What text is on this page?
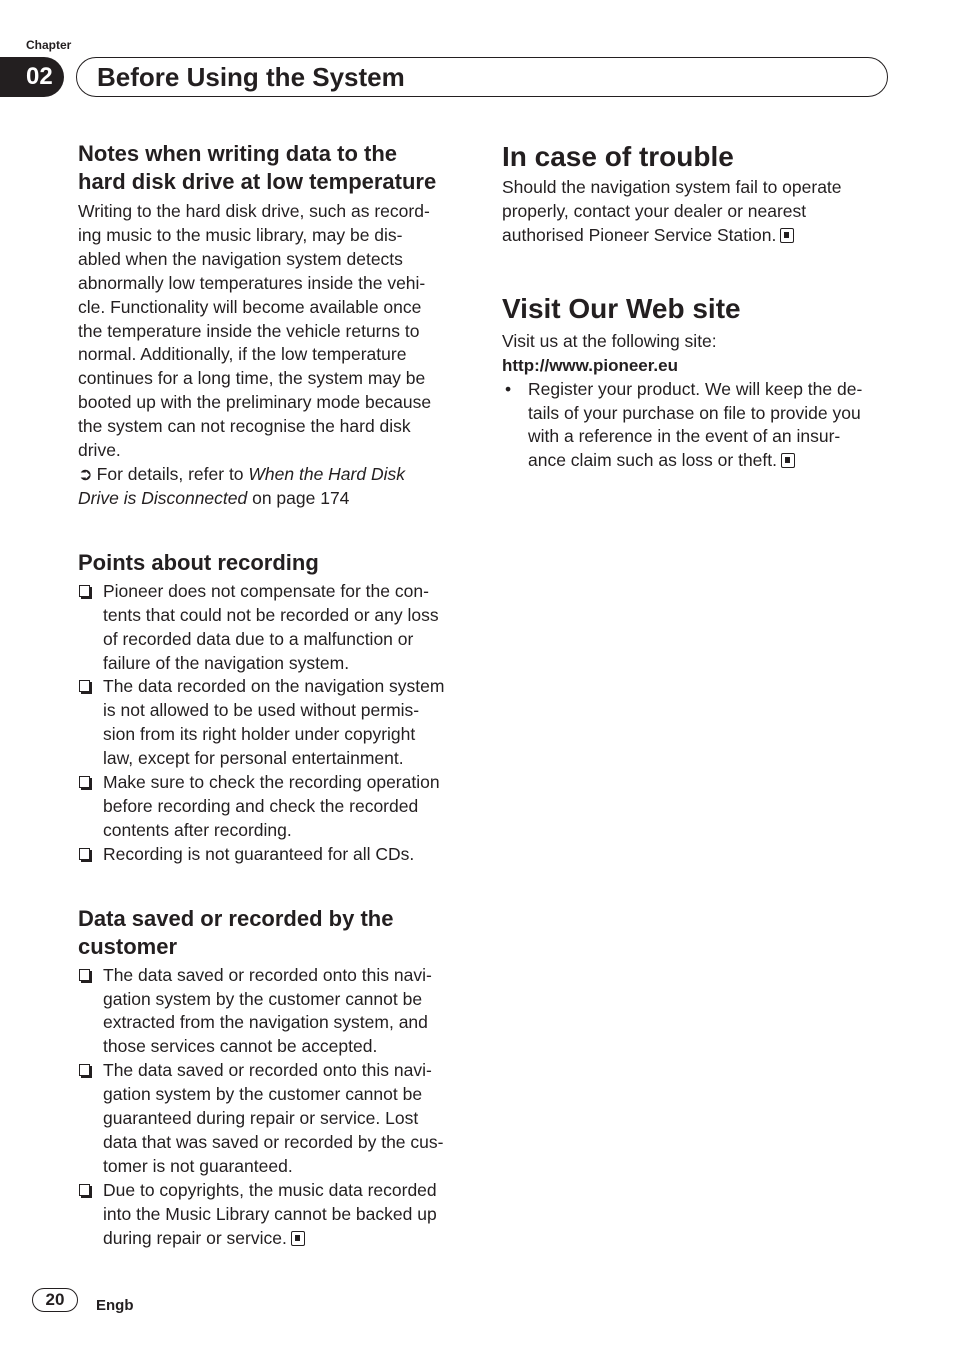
Chapter
02	Before Using the System
Notes when writing data to the
hard disk drive at low temperature
Writing to the hard disk drive, such as record-
ing music to the music library, may be dis-
abled when the navigation system detects
abnormally low temperatures inside the vehi-
cle. Functionality will become available once
the temperature inside the vehicle returns to
normal. Additionally, if the low temperature
continues for a long time, the system may be
booted up with the preliminary mode because
the system can not recognise the hard disk
drive.
➲ For details, refer to When the Hard Disk
Drive is Disconnected on page 174
Points about recording
Pioneer does not compensate for the con-
tents that could not be recorded or any loss
of recorded data due to a malfunction or
failure of the navigation system.
The data recorded on the navigation system
is not allowed to be used without permis-
sion from its right holder under copyright
law, except for personal entertainment.
Make sure to check the recording operation
before recording and check the recorded
contents after recording.
Recording is not guaranteed for all CDs.
Data saved or recorded by the
customer
The data saved or recorded onto this navi-
gation system by the customer cannot be
extracted from the navigation system, and
those services cannot be accepted.
The data saved or recorded onto this navi-
gation system by the customer cannot be
guaranteed during repair or service. Lost
data that was saved or recorded by the cus-
tomer is not guaranteed.
Due to copyrights, the music data recorded
into the Music Library cannot be backed up
during repair or service.
In case of trouble
Should the navigation system fail to operate
properly, contact your dealer or nearest
authorised Pioneer Service Station.
Visit Our Web site
Visit us at the following site:
http://www.pioneer.eu
• Register your product. We will keep the de-
tails of your purchase on file to provide you
with a reference in the event of an insur-
ance claim such as loss or theft.
20	Engb
